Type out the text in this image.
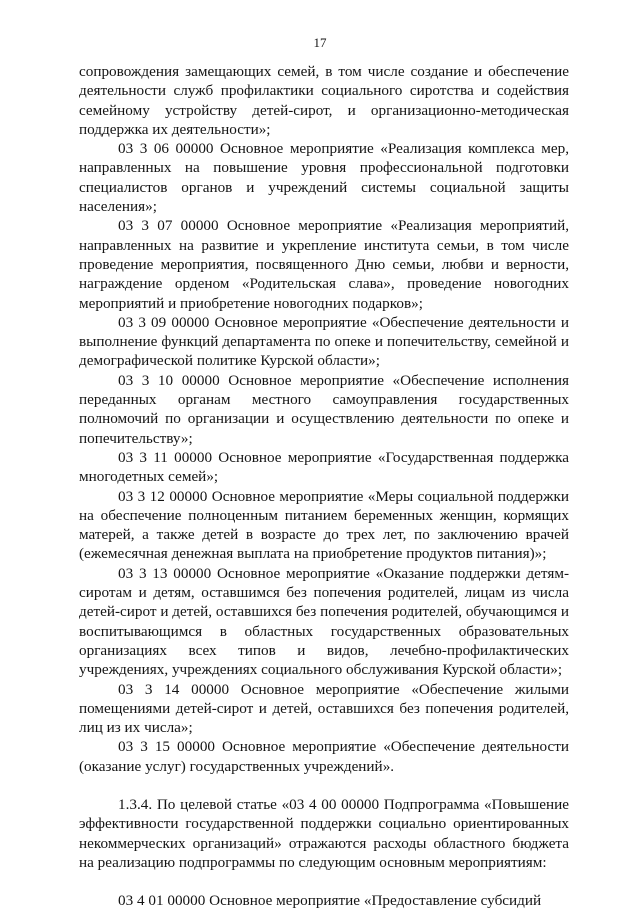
17

сопровождения замещающих семей, в том числе создание и обеспечение деятельности служб профилактики социального сиротства и содействия семейному устройству детей-сирот, и организационно-методическая поддержка их деятельности»;

03 3 06 00000 Основное мероприятие «Реализация комплекса мер, направленных на повышение уровня профессиональной подготовки специалистов органов и учреждений системы социальной защиты населения»;

03 3 07 00000 Основное мероприятие «Реализация мероприятий, направленных на развитие и укрепление института семьи, в том числе проведение мероприятия, посвященного Дню семьи, любви и верности, награждение орденом «Родительская слава», проведение новогодних мероприятий и приобретение новогодних подарков»;

03 3 09 00000 Основное мероприятие «Обеспечение деятельности и выполнение функций департамента по опеке и попечительству, семейной и демографической политике Курской области»;

03 3 10 00000 Основное мероприятие «Обеспечение исполнения переданных органам местного самоуправления государственных полномочий по организации и осуществлению деятельности по опеке и попечительству»;

03 3 11 00000 Основное мероприятие «Государственная поддержка многодетных семей»;

03 3 12 00000 Основное мероприятие «Меры социальной поддержки на обеспечение полноценным питанием беременных женщин, кормящих матерей, а также детей в возрасте до трех лет, по заключению врачей (ежемесячная денежная выплата на приобретение продуктов питания)»;

03 3 13 00000 Основное мероприятие «Оказание поддержки детям-сиротам и детям, оставшимся без попечения родителей, лицам из числа детей-сирот и детей, оставшихся без попечения родителей, обучающимся и воспитывающимся в областных государственных образовательных организациях всех типов и видов, лечебно-профилактических учреждениях, учреждениях социального обслуживания Курской области»;

03 3 14 00000 Основное мероприятие «Обеспечение жилыми помещениями детей-сирот и детей, оставшихся без попечения родителей, лиц из их числа»;

03 3 15 00000 Основное мероприятие «Обеспечение деятельности (оказание услуг) государственных учреждений».

1.3.4. По целевой статье «03 4 00 00000 Подпрограмма «Повышение эффективности государственной поддержки социально ориентированных некоммерческих организаций» отражаются расходы областного бюджета на реализацию подпрограммы по следующим основным мероприятиям:

03 4 01 00000 Основное мероприятие «Предоставление субсидий
